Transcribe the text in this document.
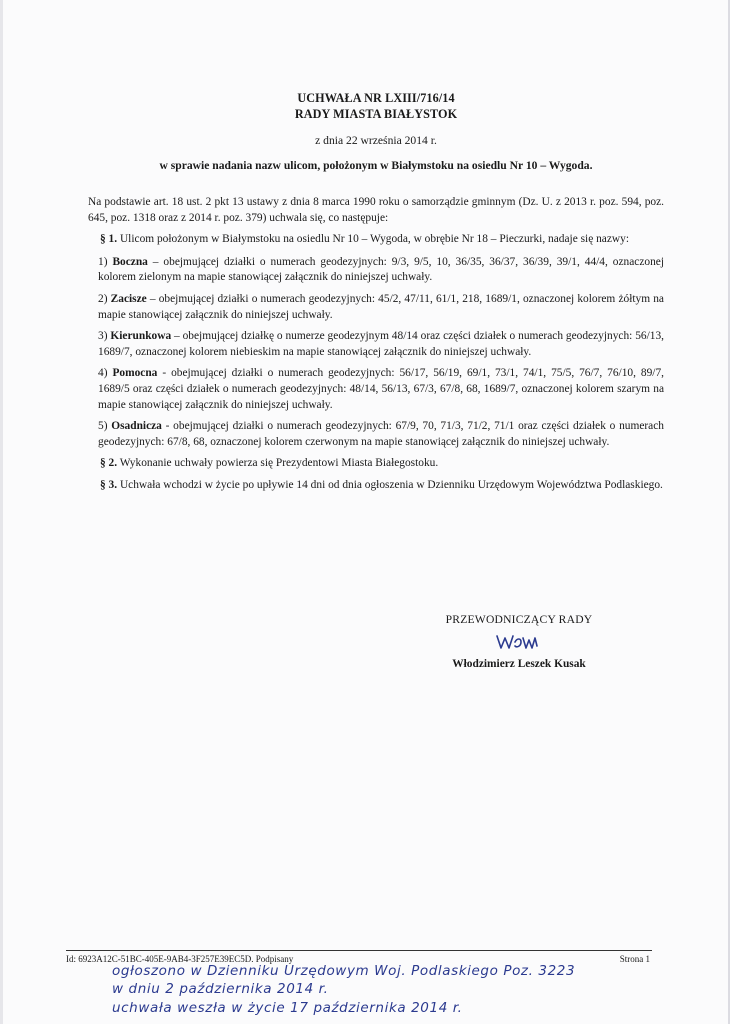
UCHWAŁA NR LXIII/716/14
RADY MIASTA BIAŁYSTOK
z dnia 22 września 2014 r.
w sprawie nadania nazw ulicom, położonym w Białymstoku na osiedlu Nr 10 – Wygoda.
Na podstawie art. 18 ust. 2 pkt 13 ustawy z dnia 8 marca 1990 roku o samorządzie gminnym (Dz. U. z 2013 r. poz. 594, poz. 645, poz. 1318 oraz z 2014 r. poz. 379) uchwala się, co następuje:
§ 1. Ulicom położonym w Białymstoku na osiedlu Nr 10 – Wygoda, w obrębie Nr 18 – Pieczurki, nadaje się nazwy:
1) Boczna – obejmującej działki o numerach geodezyjnych: 9/3, 9/5, 10, 36/35, 36/37, 36/39, 39/1, 44/4, oznaczonej kolorem zielonym na mapie stanowiącej załącznik do niniejszej uchwały.
2) Zacisze – obejmującej działki o numerach geodezyjnych: 45/2, 47/11, 61/1, 218, 1689/1, oznaczonej kolorem żółtym na mapie stanowiącej załącznik do niniejszej uchwały.
3) Kierunkowa – obejmującej działkę o numerze geodezyjnym 48/14 oraz części działek o numerach geodezyjnych: 56/13, 1689/7, oznaczonej kolorem niebieskim na mapie stanowiącej załącznik do niniejszej uchwały.
4) Pomocna - obejmującej działki o numerach geodezyjnych: 56/17, 56/19, 69/1, 73/1, 74/1, 75/5, 76/7, 76/10, 89/7, 1689/5 oraz części działek o numerach geodezyjnych: 48/14, 56/13, 67/3, 67/8, 68, 1689/7, oznaczonej kolorem szarym na mapie stanowiącej załącznik do niniejszej uchwały.
5) Osadnicza - obejmującej działki o numerach geodezyjnych: 67/9, 70, 71/3, 71/2, 71/1 oraz części działek o numerach geodezyjnych: 67/8, 68, oznaczonej kolorem czerwonym na mapie stanowiącej załącznik do niniejszej uchwały.
§ 2. Wykonanie uchwały powierza się Prezydentowi Miasta Białegostoku.
§ 3. Uchwała wchodzi w życie po upływie 14 dni od dnia ogłoszenia w Dzienniku Urzędowym Województwa Podlaskiego.
PRZEWODNICZĄCY RADY
Włodzimierz Leszek Kusak
Id: 6923A12C-51BC-405E-9AB4-3F257E39EC5D. Podpisany	Strona 1
ogłoszono w Dzienniku Urzędowym Woj. Podlaskiego Poz. 3223
w dniu 2 października 2014 r.
uchwała weszła w życie 17 października 2014 r.
